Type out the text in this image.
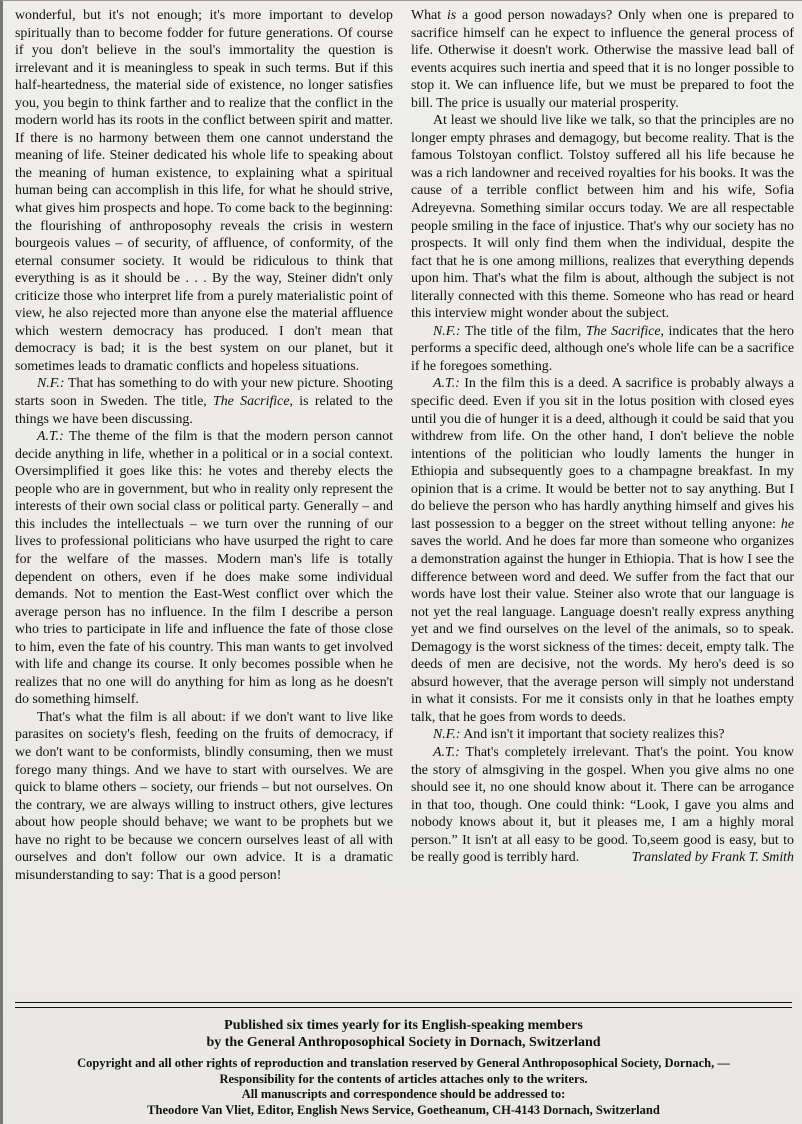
wonderful, but it's not enough; it's more important to develop spiritually than to become fodder for future generations. Of course if you don't believe in the soul's immortality the question is irrelevant and it is meaningless to speak in such terms. But if this half-heartedness, the material side of existence, no longer satisfies you, you begin to think farther and to realize that the conflict in the modern world has its roots in the conflict between spirit and matter. If there is no harmony between them one cannot understand the meaning of life. Steiner dedicated his whole life to speaking about the meaning of human existence, to explaining what a spiritual human being can accomplish in this life, for what he should strive, what gives him prospects and hope. To come back to the beginning: the flourishing of anthroposophy reveals the crisis in western bourgeois values – of security, of affluence, of conformity, of the eternal consumer society. It would be ridiculous to think that everything is as it should be . . . By the way, Steiner didn't only criticize those who interpret life from a purely materialistic point of view, he also rejected more than anyone else the material affluence which western democracy has produced. I don't mean that democracy is bad; it is the best system on our planet, but it sometimes leads to dramatic conflicts and hopeless situations.

N.F.: That has something to do with your new picture. Shooting starts soon in Sweden. The title, The Sacrifice, is related to the things we have been discussing.

A.T.: The theme of the film is that the modern person cannot decide anything in life, whether in a political or in a social context. Oversimplified it goes like this: he votes and thereby elects the people who are in government, but who in reality only represent the interests of their own social class or political party. Generally – and this includes the intellectuals – we turn over the running of our lives to professional politicians who have usurped the right to care for the welfare of the masses. Modern man's life is totally dependent on others, even if he does make some individual demands. Not to mention the East-West conflict over which the average person has no influence. In the film I describe a person who tries to participate in life and influence the fate of those close to him, even the fate of his country. This man wants to get involved with life and change its course. It only becomes possible when he realizes that no one will do anything for him as long as he doesn't do something himself.

That's what the film is all about: if we don't want to live like parasites on society's flesh, feeding on the fruits of democracy, if we don't want to be conformists, blindly consuming, then we must forego many things. And we have to start with ourselves. We are quick to blame others – society, our friends – but not ourselves. On the contrary, we are always willing to instruct others, give lectures about how people should behave; we want to be prophets but we have no right to be because we concern ourselves least of all with ourselves and don't follow our own advice. It is a dramatic misunderstanding to say: That is a good person!

What is a good person nowadays? Only when one is prepared to sacrifice himself can he expect to influence the general process of life. Otherwise it doesn't work. Otherwise the massive lead ball of events acquires such inertia and speed that it is no longer possible to stop it. We can influence life, but we must be prepared to foot the bill. The price is usually our material prosperity.

At least we should live like we talk, so that the principles are no longer empty phrases and demagogy, but become reality. That is the famous Tolstoyan conflict. Tolstoy suffered all his life because he was a rich landowner and received royalties for his books. It was the cause of a terrible conflict between him and his wife, Sofia Adreyevna. Something similar occurs today. We are all respectable people smiling in the face of injustice. That's why our society has no prospects. It will only find them when the individual, despite the fact that he is one among millions, realizes that everything depends upon him. That's what the film is about, although the subject is not literally connected with this theme. Someone who has read or heard this interview might wonder about the subject.

N.F.: The title of the film, The Sacrifice, indicates that the hero performs a specific deed, although one's whole life can be a sacrifice if he foregoes something.

A.T.: In the film this is a deed. A sacrifice is probably always a specific deed. Even if you sit in the lotus position with closed eyes until you die of hunger it is a deed, although it could be said that you withdrew from life. On the other hand, I don't believe the noble intentions of the politician who loudly laments the hunger in Ethiopia and subsequently goes to a champagne breakfast. In my opinion that is a crime. It would be better not to say anything. But I do believe the person who has hardly anything himself and gives his last possession to a begger on the street without telling anyone: he saves the world. And he does far more than someone who organizes a demonstration against the hunger in Ethiopia. That is how I see the difference between word and deed. We suffer from the fact that our words have lost their value. Steiner also wrote that our language is not yet the real language. Language doesn't really express anything yet and we find ourselves on the level of the animals, so to speak. Demagogy is the worst sickness of the times: deceit, empty talk. The deeds of men are decisive, not the words. My hero's deed is so absurd however, that the average person will simply not understand in what it consists. For me it consists only in that he loathes empty talk, that he goes from words to deeds.

N.F.: And isn't it important that society realizes this?

A.T.: That's completely irrelevant. That's the point. You know the story of almsgiving in the gospel. When you give alms no one should see it, no one should know about it. There can be arrogance in that too, though. One could think: “Look, I gave you alms and nobody knows about it, but it pleases me, I am a highly moral person.” It isn't at all easy to be good. To,seem good is easy, but to be really good is terribly hard.	Translated by Frank T. Smith
Published six times yearly for its English-speaking members
by the General Anthroposophical Society in Dornach, Switzerland
Copyright and all other rights of reproduction and translation reserved by General Anthroposophical Society, Dornach, —
Responsibility for the contents of articles attaches only to the writers.
All manuscripts and correspondence should be addressed to:
Theodore Van Vliet, Editor, English News Service, Goetheanum, CH-4143 Dornach, Switzerland
